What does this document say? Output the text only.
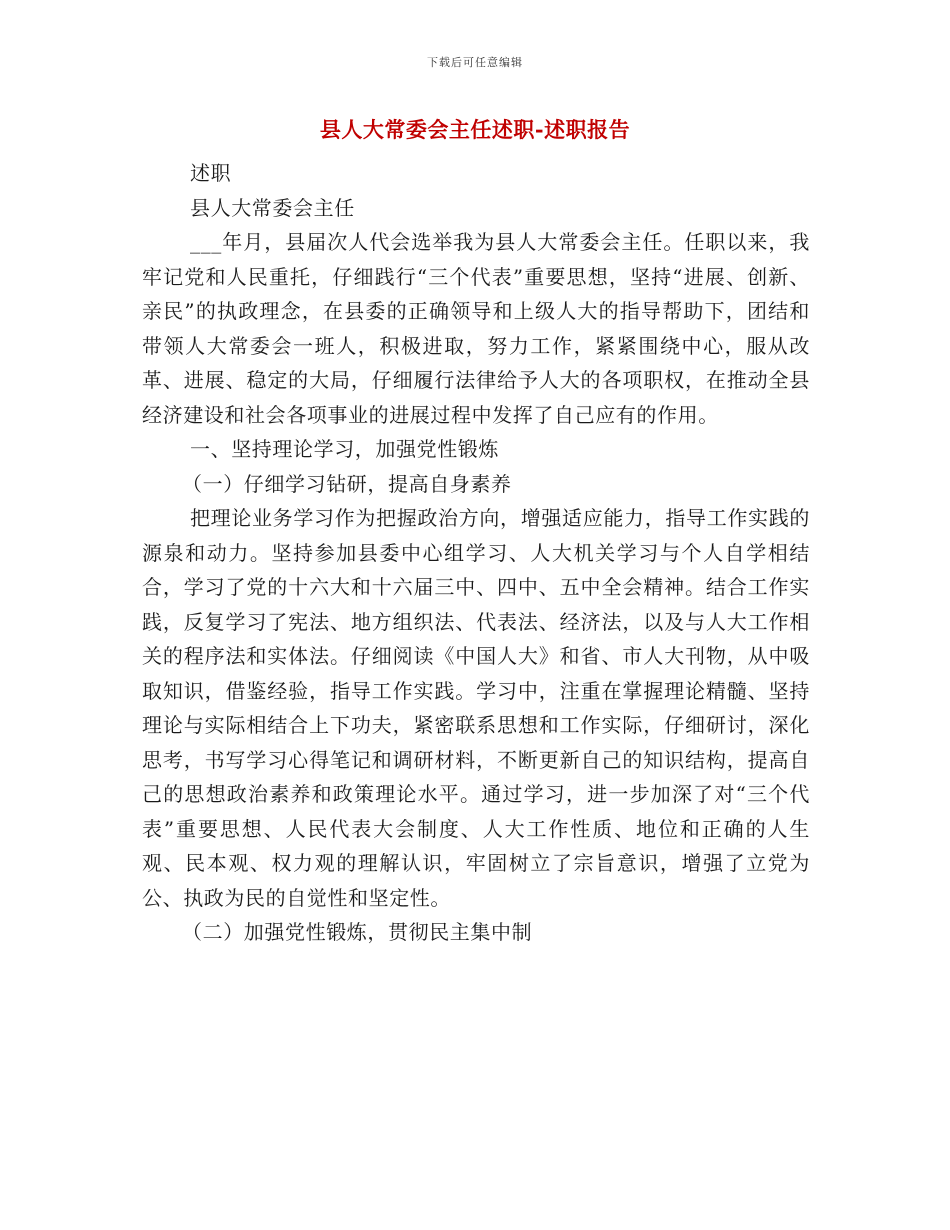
下载后可任意编辑
县人大常委会主任述职-述职报告

述职

县人大常委会主任

___年月，县届次人代会选举我为县人大常委会主任。任职以来，我牢记党和人民重托，仔细践行“三个代表”重要思想，坚持“进展、创新、亲民”的执政理念，在县委的正确领导和上级人大的指导帮助下，团结和带领人大常委会一班人，积极进取，努力工作，紧紧围绕中心，服从改革、进展、稳定的大局，仔细履行法律给予人大的各项职权，在推动全县经济建设和社会各项事业的进展过程中发挥了自己应有的作用。

一、坚持理论学习，加强党性锻炼

（一）仔细学习钻研，提高自身素养

把理论业务学习作为把握政治方向，增强适应能力，指导工作实践的源泉和动力。坚持参加县委中心组学习、人大机关学习与个人自学相结合，学习了党的十六大和十六届三中、四中、五中全会精神。结合工作实践，反复学习了宪法、地方组织法、代表法、经济法，以及与人大工作相关的程序法和实体法。仔细阅读《中国人大》和省、市人大刊物，从中吸取知识，借鉴经验，指导工作实践。学习中，注重在掌握理论精髓、坚持理论与实际相结合上下功夫，紧密联系思想和工作实际，仔细研讨，深化思考，书写学习心得笔记和调研材料，不断更新自己的知识结构，提高自己的思想政治素养和政策理论水平。通过学习，进一步加深了对“三个代表”重要思想、人民代表大会制度、人大工作性质、地位和正确的人生观、民本观、权力观的理解认识，牢固树立了宗旨意识，增强了立党为公、执政为民的自觉性和坚定性。

（二）加强党性锻炼，贯彻民主集中制
